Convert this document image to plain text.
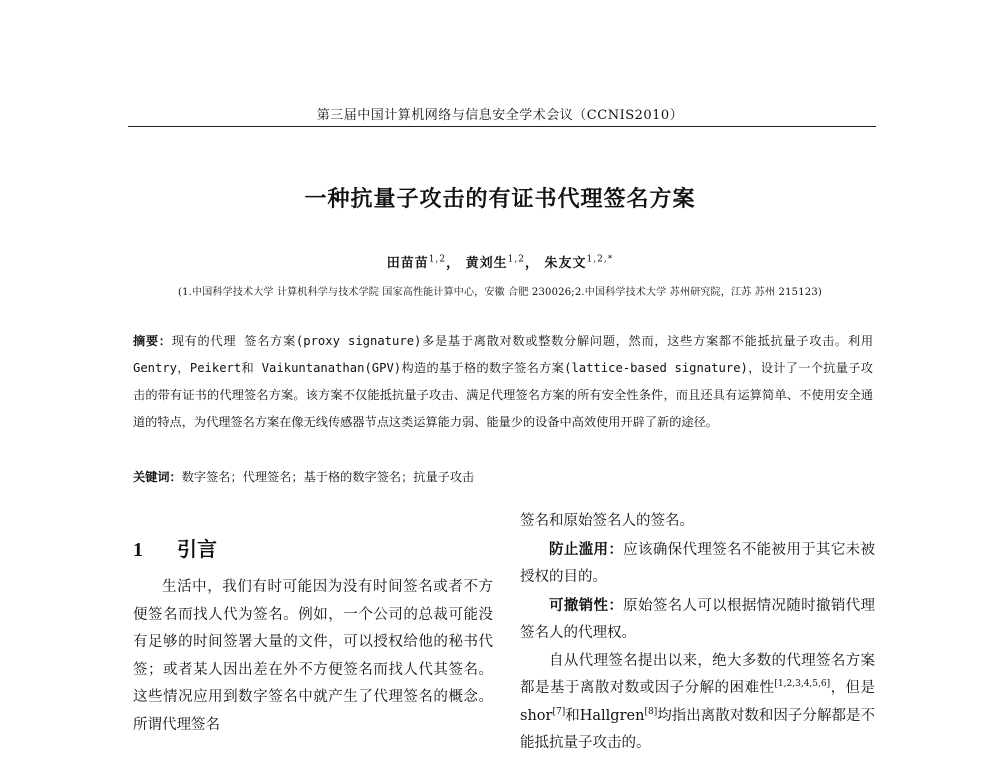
第三届中国计算机网络与信息安全学术会议（CCNIS2010）
一种抗量子攻击的有证书代理签名方案
田苗苗$^{1,2}$， 黄刘生$^{1,2}$， 朱友文$^{1,2,*}$
(1.中国科学技术大学 计算机科学与技术学院 国家高性能计算中心，安徽 合肥 230026;2.中国科学技术大学 苏州研究院，江苏 苏州 215123)
摘要：现有的代理 签名方案(proxy signature)多是基于离散对数或整数分解问题，然而，这些方案都不能抵抗量子攻击。利用Gentry，Peikert和 Vaikuntanathan(GPV)构造的基于格的数字签名方案(lattice-based signature)，设计了一个抗量子攻击的带有证书的代理签名方案。该方案不仅能抵抗量子攻击、满足代理签名方案的所有安全性条件，而且还具有运算简单、不使用安全通道的特点，为代理签名方案在像无线传感器节点这类运算能力弱、能量少的设备中高效使用开辟了新的途径。
关键词：数字签名；代理签名；基于格的数字签名；抗量子攻击
1 引言

生活中，我们有时可能因为没有时间签名或者不方便签名而找人代为签名。例如，一个公司的总裁可能没有足够的时间签署大量的文件，可以授权给他的秘书代签；或者某人因出差在外不方便签名而找人代其签名。这些情况应用到数字签名中就产生了代理签名的概念。所谓代理签名

签名和原始签名人的签名。

防止滥用：应该确保代理签名不能被用于其它未被授权的目的。

可撤销性：原始签名人可以根据情况随时撤销代理签名人的代理权。

自从代理签名提出以来，绝大多数的代理签名方案都是基于离散对数或因子分解的困难性[1,2,3,4,5,6]，但是shor[7]和Hallgren[8]均指出离散对数和因子分解都是不能抵抗量子攻击的。
